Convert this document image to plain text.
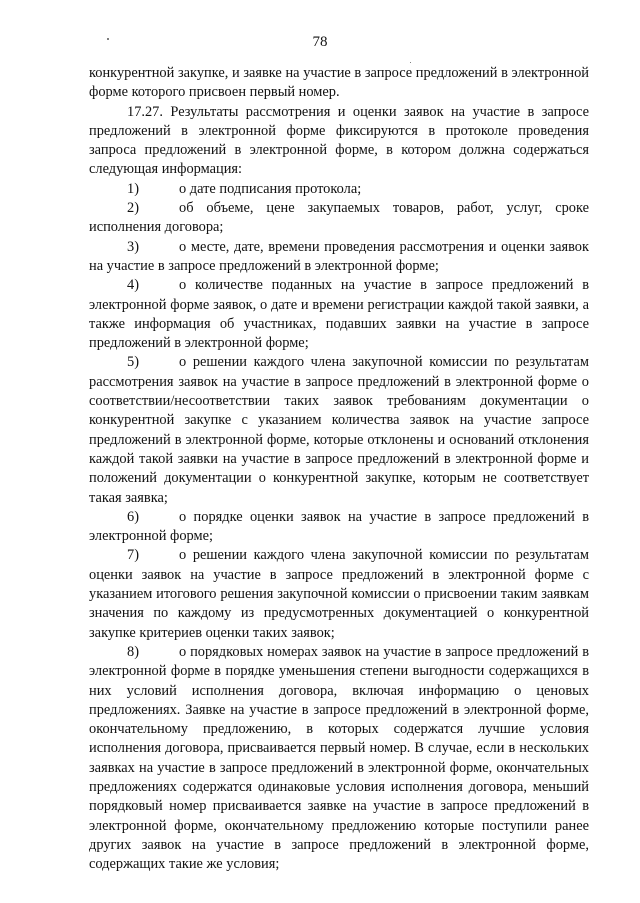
78

конкурентной закупке, и заявке на участие в запросе предложений в электронной форме которого присвоен первый номер.

17.27. Результаты рассмотрения и оценки заявок на участие в запросе предложений в электронной форме фиксируются в протоколе проведения запроса предложений в электронной форме, в котором должна содержаться следующая информация:

1)	о дате подписания протокола;

2)	об объеме, цене закупаемых товаров, работ, услуг, сроке исполнения договора;

3)	о месте, дате, времени проведения рассмотрения и оценки заявок на участие в запросе предложений в электронной форме;

4)	о количестве поданных на участие в запросе предложений в электронной форме заявок, о дате и времени регистрации каждой такой заявки, а также информация об участниках, подавших заявки на участие в запросе предложений в электронной форме;

5)	о решении каждого члена закупочной комиссии по результатам рассмотрения заявок на участие в запросе предложений в электронной форме о соответствии/несоответствии таких заявок требованиям документации о конкурентной закупке с указанием количества заявок на участие запросе предложений в электронной форме, которые отклонены и оснований отклонения каждой такой заявки на участие в запросе предложений в электронной форме и положений документации о конкурентной закупке, которым не соответствует такая заявка;

6)	о порядке оценки заявок на участие в запросе предложений в электронной форме;

7)	о решении каждого члена закупочной комиссии по результатам оценки заявок на участие в запросе предложений в электронной форме с указанием итогового решения закупочной комиссии о присвоении таким заявкам значения по каждому из предусмотренных документацией о конкурентной закупке критериев оценки таких заявок;

8)	о порядковых номерах заявок на участие в запросе предложений в электронной форме в порядке уменьшения степени выгодности содержащихся в них условий исполнения договора, включая информацию о ценовых предложениях. Заявке на участие в запросе предложений в электронной форме, окончательному предложению, в которых содержатся лучшие условия исполнения договора, присваивается первый номер. В случае, если в нескольких заявках на участие в запросе предложений в электронной форме, окончательных предложениях содержатся одинаковые условия исполнения договора, меньший порядковый номер присваивается заявке на участие в запросе предложений в электронной форме, окончательному предложению которые поступили ранее других заявок на участие в запросе предложений в электронной форме, содержащих такие же условия;
